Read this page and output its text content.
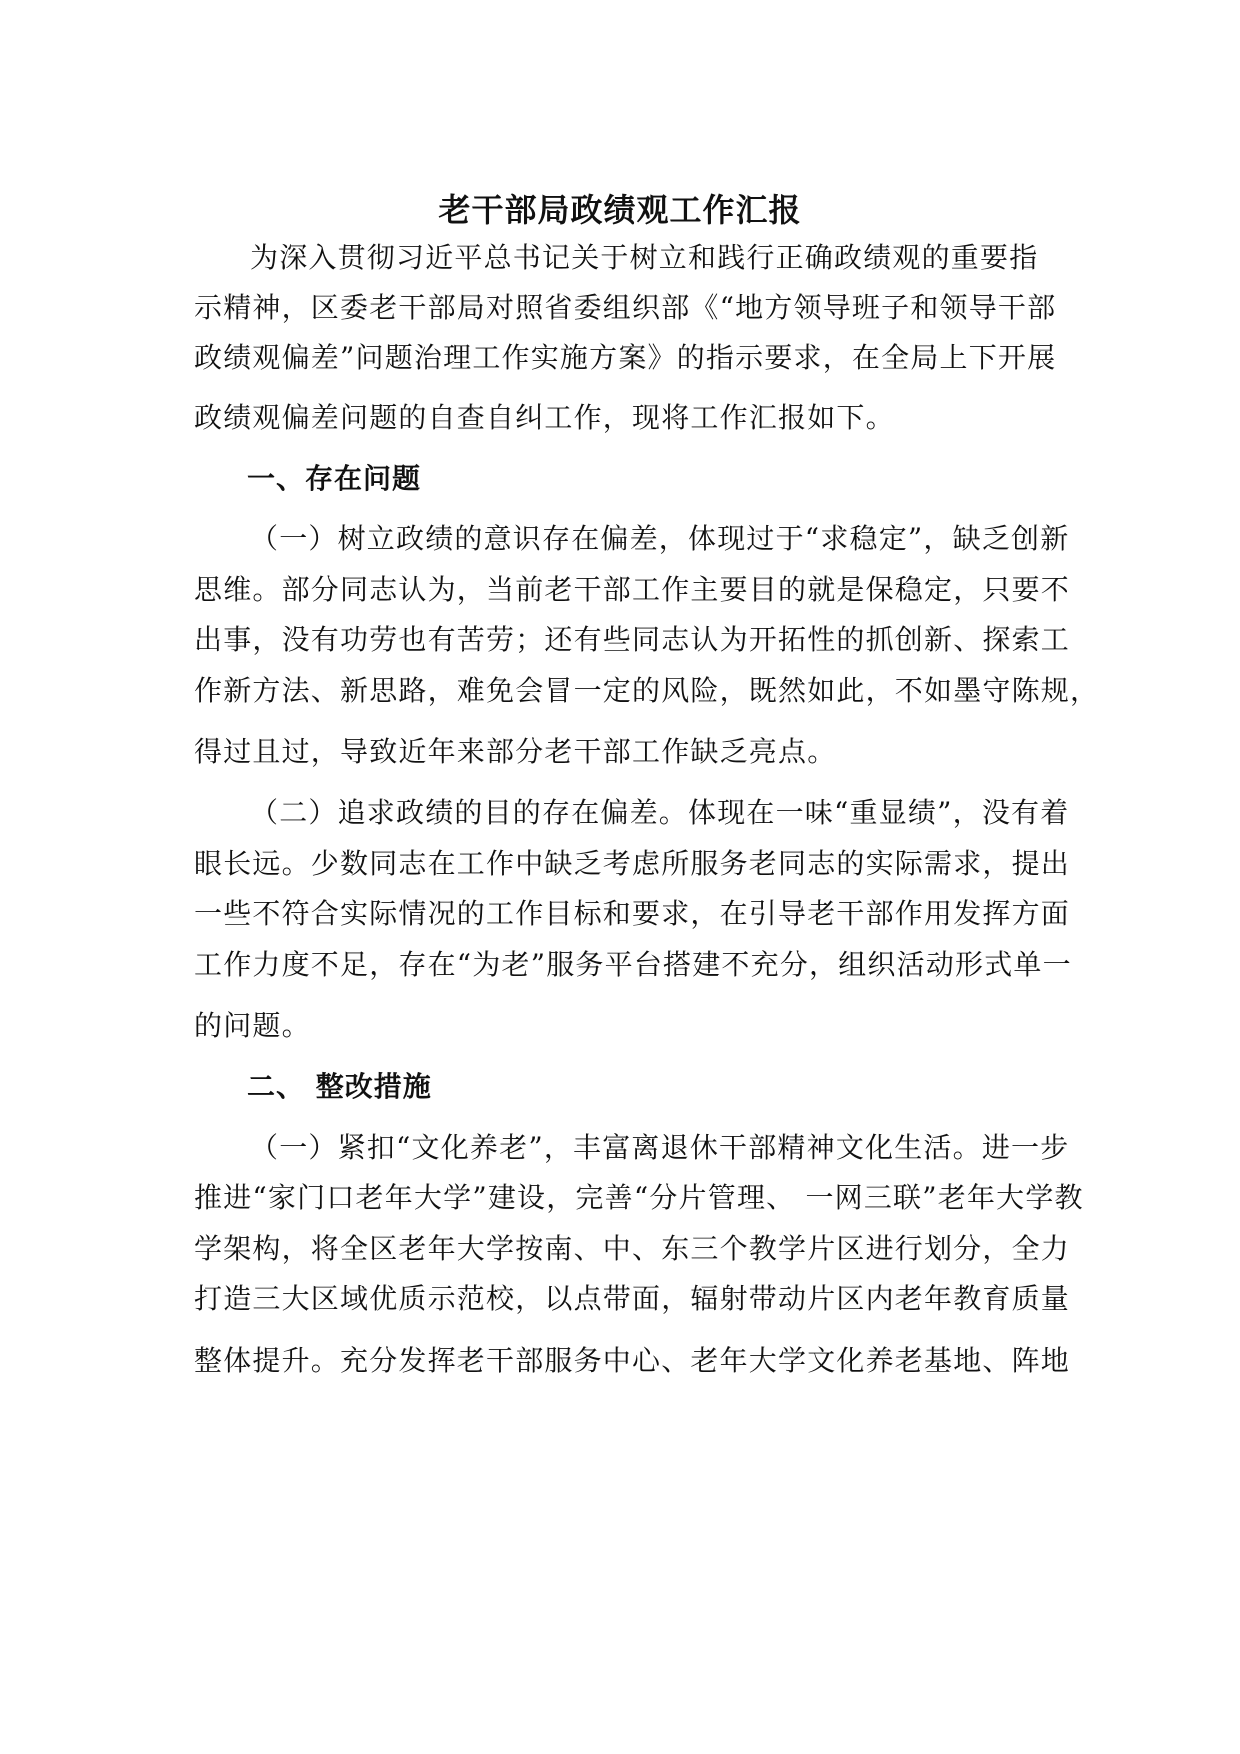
老干部局政绩观工作汇报
为深入贯彻习近平总书记关于树立和践行正确政绩观的重要指
示精神，区委老干部局对照省委组织部《“地方领导班子和领导干部
政绩观偏差”问题治理工作实施方案》的指示要求，在全局上下开展
政绩观偏差问题的自查自纠工作，现将工作汇报如下。
一、存在问题
（一）树立政绩的意识存在偏差，体现过于“求稳定”，缺乏创新
思维。部分同志认为，当前老干部工作主要目的就是保稳定，只要不
出事，没有功劳也有苦劳；还有些同志认为开拓性的抓创新、探索工
作新方法、新思路，难免会冒一定的风险，既然如此，不如墨守陈规，
得过且过，导致近年来部分老干部工作缺乏亮点。
（二）追求政绩的目的存在偏差。体现在一味“重显绩”，没有着
眼长远。少数同志在工作中缺乏考虑所服务老同志的实际需求，提出
一些不符合实际情况的工作目标和要求，在引导老干部作用发挥方面
工作力度不足，存在“为老”服务平台搭建不充分，组织活动形式单一
的问题。
二、 整改措施
（一）紧扣“文化养老”，丰富离退休干部精神文化生活。进一步
推进“家门口老年大学”建设，完善“分片管理、 一网三联”老年大学教
学架构，将全区老年大学按南、中、东三个教学片区进行划分，全力
打造三大区域优质示范校，以点带面，辐射带动片区内老年教育质量
整体提升。充分发挥老干部服务中心、老年大学文化养老基地、阵地
